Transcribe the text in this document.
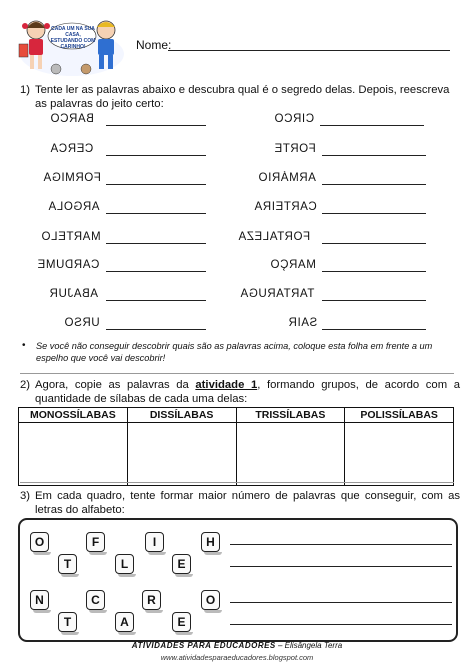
CADA UM NA SUA CASA, ESTUDANDO COM CARINHO!	Nome:
1) Tente ler as palavras abaixo e descubra qual é o segredo delas. Depois, reescreva as palavras do jeito certo:
BARCO
CERCA
FORMIGA
ARGOLA
MARTELO
CARDUME
ABAJUR
URSO
CIRCO
FORTE
ARMÁRIO
CARTEIRA
FORTALEZA
MARÇO
TARTARUGA
SAIR
•	Se você não conseguir descobrir quais são as palavras acima, coloque esta folha em frente a um espelho que você vai descobrir!
2) Agora, copie as palavras da atividade 1, formando grupos, de acordo com a quantidade de sílabas de cada uma delas:
MONOSSÍLABAS	DISSÍLABAS	TRISSÍLABAS	POLISSÍLABAS

3) Em cada quadro, tente formar maior número de palavras que conseguir, com as letras do alfabeto:
O	F	I	H
T	L	E
N	C	R	O
T	A	E
ATIVIDADES PARA EDUCADORES – Elisângela Terra
www.atividadesparaeducadores.blogspot.com
